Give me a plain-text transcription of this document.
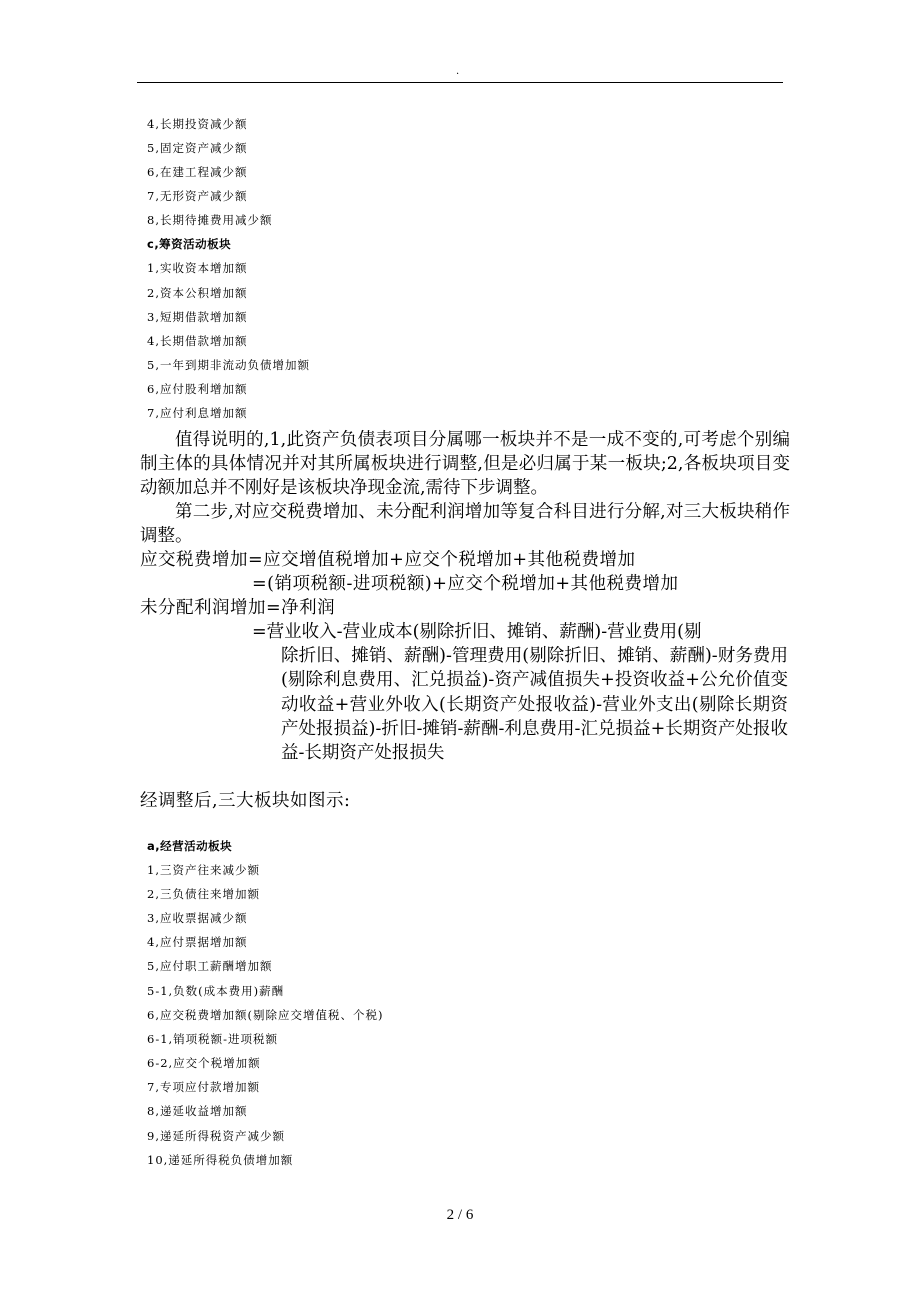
.
4,长期投资减少额
5,固定资产减少额
6,在建工程减少额
7,无形资产减少额
8,长期待摊费用减少额
c,筹资活动板块
1,实收资本增加额
2,资本公积增加额
3,短期借款增加额
4,长期借款增加额
5,一年到期非流动负债增加额
6,应付股利增加额
7,应付利息增加额

值得说明的,1,此资产负债表项目分属哪一板块并不是一成不变的,可考虑个别编制主体的具体情况并对其所属板块进行调整,但是必归属于某一板块;2,各板块项目变动额加总并不刚好是该板块净现金流,需待下步调整。

第二步,对应交税费增加、未分配利润增加等复合科目进行分解,对三大板块稍作调整。

应交税费增加=应交增值税增加+应交个税增加+其他税费增加
=(销项税额-进项税额)+应交个税增加+其他税费增加
未分配利润增加=净利润
=营业收入-营业成本(剔除折旧、摊销、薪酬)-营业费用(剔
除折旧、摊销、薪酬)-管理费用(剔除折旧、摊销、薪酬)-财务费用(剔除利息费用、汇兑损益)-资产减值损失+投资收益+公允价值变动收益+营业外收入(长期资产处报收益)-营业外支出(剔除长期资产处报损益)-折旧-摊销-薪酬-利息费用-汇兑损益+长期资产处报收益-长期资产处报损失
经调整后,三大板块如图示:
a,经营活动板块
1,三资产往来减少额
2,三负债往来增加额
3,应收票据减少额
4,应付票据增加额
5,应付职工薪酬增加额
5-1,负数(成本费用)薪酬
6,应交税费增加额(剔除应交增值税、个税)
6-1,销项税额-进项税额
6-2,应交个税增加额
7,专项应付款增加额
8,递延收益增加额
9,递延所得税资产减少额
10,递延所得税负债增加额
2 / 6
